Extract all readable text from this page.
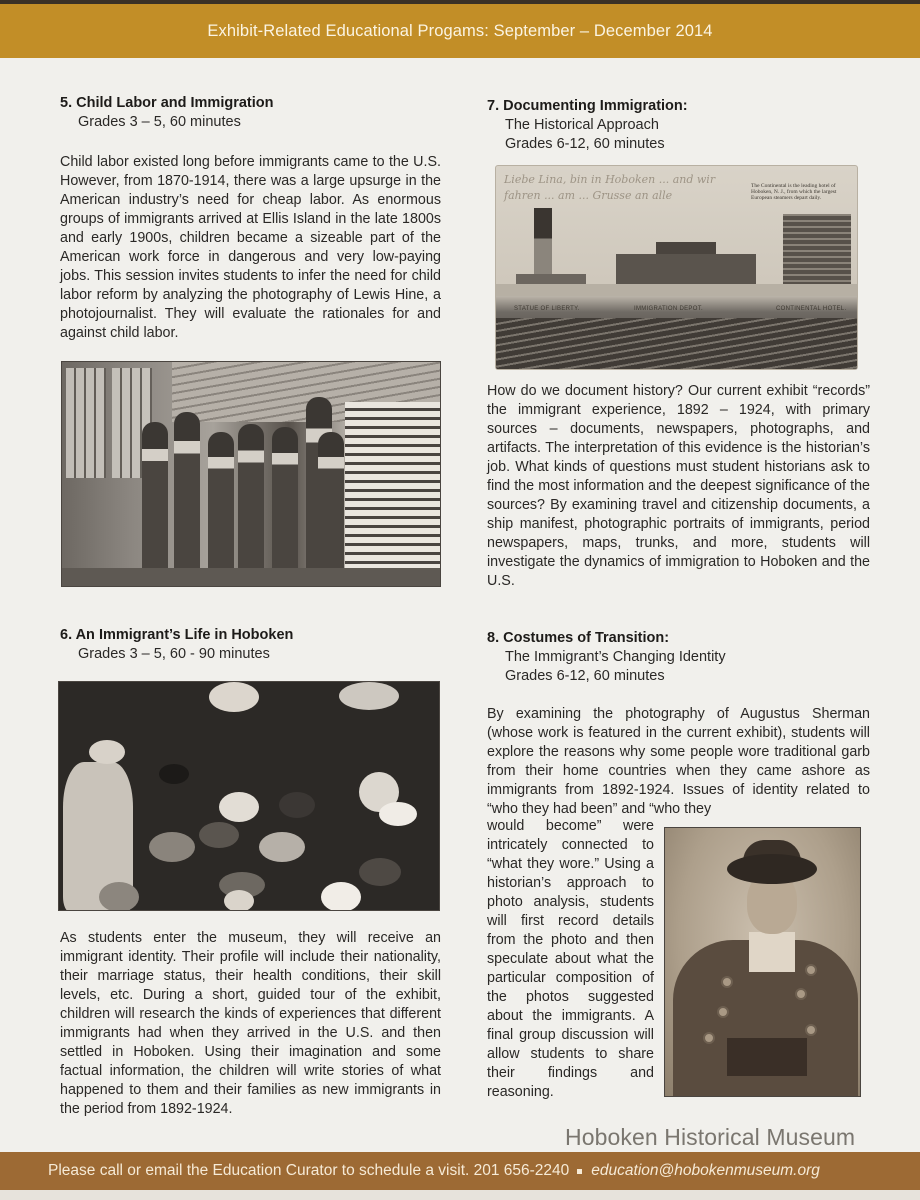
Exhibit-Related Educational Progams: September – December 2014
5. Child Labor and Immigration
Grades 3 – 5, 60 minutes

Child labor existed long before immigrants came to the U.S. However, from 1870-1914, there was a large upsurge in the American industry’s need for cheap labor. As enormous groups of immigrants arrived at Ellis Island in the late 1800s and early 1900s, children became a sizeable part of the American work force in dangerous and very low-paying jobs. This session invites students to infer the need for child labor reform by analyzing the photography of Lewis Hine, a photojournalist. They will evaluate the rationales for and against child labor.

6. An Immigrant’s Life in Hoboken
Grades 3 – 5, 60 - 90 minutes

As students enter the museum, they will receive an immigrant identity. Their profile will include their nationality, their marriage status, their health conditions, their skill levels, etc. During a short, guided tour of the exhibit, children will research the kinds of experiences that different immigrants had when they arrived in the U.S. and then settled in Hoboken. Using their imagination and some factual information, the children will write stories of what happened to them and their families as new immigrants in the period from 1892-1924.

7. Documenting Immigration:
The Historical Approach
Grades 6-12, 60 minutes
Liebe Lina, bin in Hoboken ... and wir fahren ... am ... Grusse an alle
The Continental is the leading hotel of Hoboken, N. J., from which the largest European steamers depart daily.
STATUE OF LIBERTY.	IMMIGRATION DEPOT.	CONTINENTAL HOTEL.

How do we document history? Our current exhibit “records” the immigrant experience, 1892 – 1924, with primary sources – documents, newspapers, photographs, and artifacts. The interpretation of this evidence is the historian’s job. What kinds of questions must student historians ask to find the most information and the deepest significance of the sources? By examining travel and citizenship documents, a ship manifest, photographic portraits of immigrants, period newspapers, maps, trunks, and more, students will investigate the dynamics of immigration to Hoboken and the U.S.

8. Costumes of Transition:
The Immigrant’s Changing Identity
Grades 6-12, 60 minutes

By examining the photography of Augustus Sherman (whose work is featured in the current exhibit), students will explore the reasons why some people wore traditional garb from their home countries when they came ashore as immigrants from 1892-1924. Issues of identity related to “who they had been” and “who they

would become” were intricately connected to “what they wore.” Using a historian’s approach to photo analysis, students will first record details from the photo and then speculate about what the particular composition of the photos suggested about the immigrants. A final group discussion will allow students to share their findings and reasoning.

Hoboken Historical Museum
Please call or email the Education Curator to schedule a visit. 201 656-2240 education@hobokenmuseum.org
